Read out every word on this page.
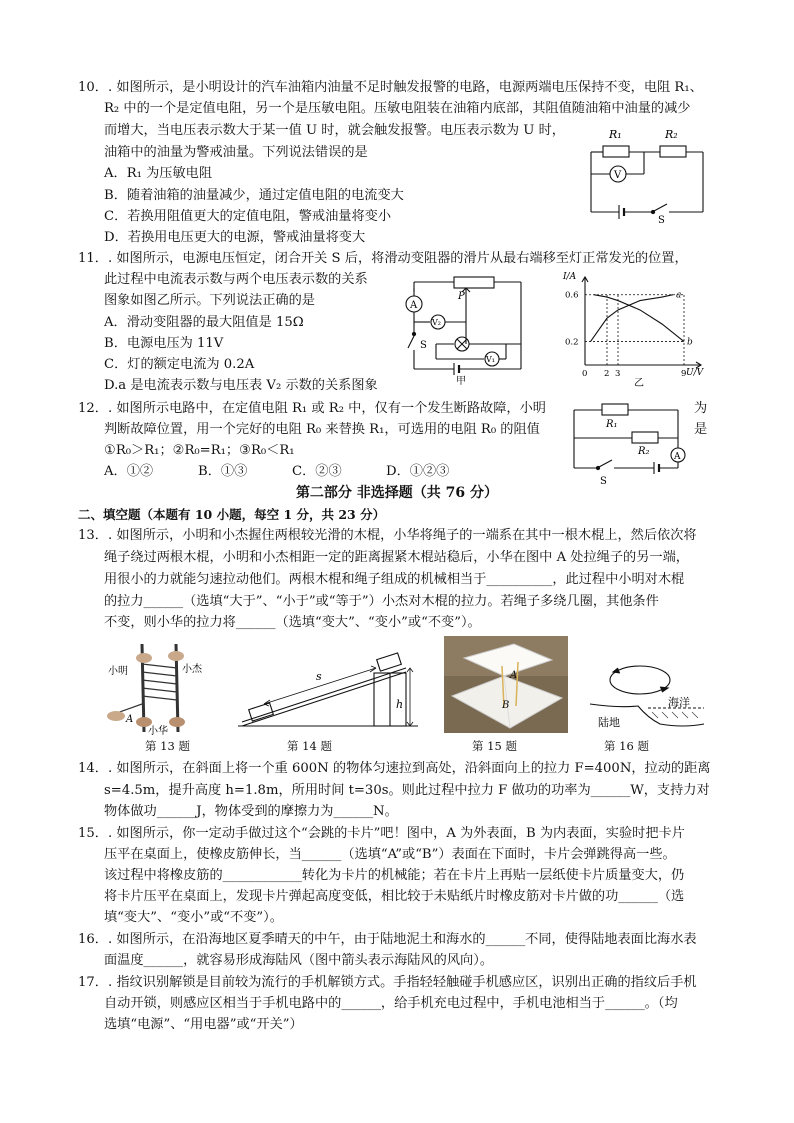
10．. 如图所示，是小明设计的汽车油箱内油量不足时触发报警的电路，电源两端电压保持不变，电阻 R₁、
R₂ 中的一个是定值电阻，另一个是压敏电阻。压敏电阻装在油箱内底部，其阻值随油箱中油量的减少
而增大，当电压表示数大于某一值 U 时，就会触发报警。电压表示数为 U 时，
油箱中的油量为警戒油量。下列说法错误的是
A．R₁ 为压敏电阻
B．随着油箱的油量减少，通过定值电阻的电流变大
C．若换用阻值更大的定值电阻，警戒油量将变小
D．若换用电压更大的电源，警戒油量将变大
R₁	R₂
V
S
11．. 如图所示，电源电压恒定，闭合开关 S 后，将滑动变阻器的滑片从最右端移至灯正常发光的位置，
此过程中电流表示数与两个电压表示数的关系
图象如图乙所示。下列说法正确的是
A．滑动变阻器的最大阻值是 15Ω
B．电源电压为 11V
C．灯的额定电流为 0.2A
D.a 是电流表示数与电压表 V₂ 示数的关系图象
A
V₂
V₁
P
S
甲
a
b
0.2
0.6
0 2 3	9
I/A
U/V
乙
12．. 如图所示电路中，在定值电阻 R₁ 或 R₂ 中，仅有一个发生断路故障，小明	为
判断故障位置，用一个完好的电阻 R₀ 来替换 R₁，可选用的电阻 R₀ 的阻值	是
①R₀＞R₁；②R₀=R₁；③R₀＜R₁
A．①②	B．①③	C．②③	D．①②③
R₁
R₂	A
S
第二部分 非选择题（共 76 分）
二、填空题（本题有 10 小题，每空 1 分，共 23 分）
13．. 如图所示，小明和小杰握住两根较光滑的木棍，小华将绳子的一端系在其中一根木棍上，然后依次将
绳子绕过两根木棍，小明和小杰相距一定的距离握紧木棍站稳后，小华在图中 A 处拉绳子的另一端，
用很小的力就能匀速拉动他们。两根木棍和绳子组成的机械相当于__________，此过程中小明对木棍
的拉力______（选填“大于”、“小于”或“等于”）小杰对木棍的拉力。若绳子多绕几圈，其他条件
不变，则小华的拉力将______（选填“变大”、“变小”或“不变”）。
小明	小杰
A
小华
第 13 题
s
h
第 14 题
A
B
第 15 题
陆地
海洋
第 16 题
14．. 如图所示，在斜面上将一个重 600N 的物体匀速拉到高处，沿斜面向上的拉力 F=400N，拉动的距离
s=4.5m，提升高度 h=1.8m，所用时间 t=30s。则此过程中拉力 F 做功的功率为______W，支持力对
物体做功______J，物体受到的摩擦力为______N。
15．. 如图所示，你一定动手做过这个“会跳的卡片”吧！图中，A 为外表面，B 为内表面，实验时把卡片
压平在桌面上，使橡皮筋伸长，当______（选填“A”或“B”）表面在下面时，卡片会弹跳得高一些。
该过程中将橡皮筋的____________转化为卡片的机械能；若在卡片上再贴一层纸使卡片质量变大，仍
将卡片压平在桌面上，发现卡片弹起高度变低，相比较于未贴纸片时橡皮筋对卡片做的功______（选
填“变大”、“变小”或“不变”）。
16．. 如图所示，在沿海地区夏季晴天的中午，由于陆地泥土和海水的______不同，使得陆地表面比海水表
面温度______，就容易形成海陆风（图中箭头表示海陆风的风向）。
17．. 指纹识别解锁是目前较为流行的手机解锁方式。手指轻轻触碰手机感应区，识别出正确的指纹后手机
自动开锁，则感应区相当于手机电路中的______，给手机充电过程中，手机电池相当于______。（均
选填“电源”、“用电器”或“开关”）
